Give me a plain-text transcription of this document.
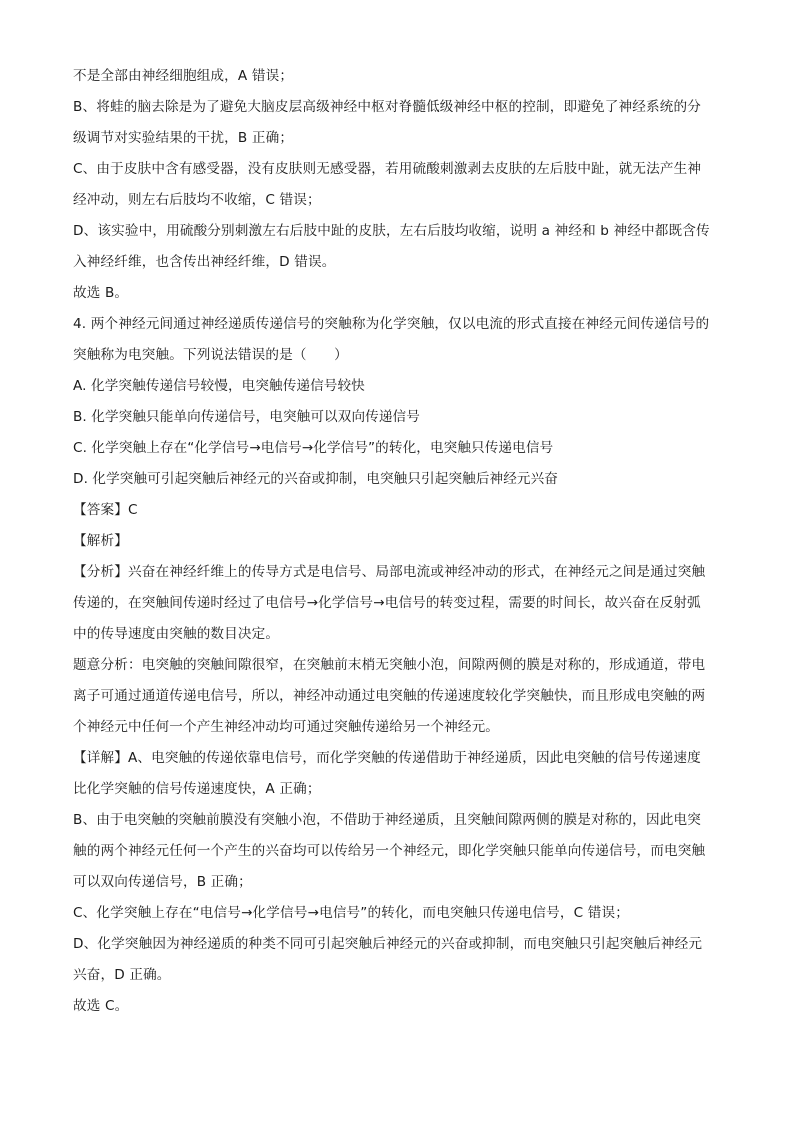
不是全部由神经细胞组成，A 错误；
B、将蛙的脑去除是为了避免大脑皮层高级神经中枢对脊髓低级神经中枢的控制，即避免了神经系统的分
级调节对实验结果的干扰，B 正确；
C、由于皮肤中含有感受器，没有皮肤则无感受器，若用硫酸刺激剥去皮肤的左后肢中趾，就无法产生神
经冲动，则左右后肢均不收缩，C 错误；
D、该实验中，用硫酸分别刺激左右后肢中趾的皮肤，左右后肢均收缩，说明 a 神经和 b 神经中都既含传
入神经纤维，也含传出神经纤维，D 错误。
故选 B。
4. 两个神经元间通过神经递质传递信号的突触称为化学突触，仅以电流的形式直接在神经元间传递信号的
突触称为电突触。下列说法错误的是（　　）
A. 化学突触传递信号较慢，电突触传递信号较快
B. 化学突触只能单向传递信号，电突触可以双向传递信号
C. 化学突触上存在“化学信号→电信号→化学信号”的转化，电突触只传递电信号
D. 化学突触可引起突触后神经元的兴奋或抑制，电突触只引起突触后神经元兴奋
【答案】C
【解析】
【分析】兴奋在神经纤维上的传导方式是电信号、局部电流或神经冲动的形式，在神经元之间是通过突触
传递的，在突触间传递时经过了电信号→化学信号→电信号的转变过程，需要的时间长，故兴奋在反射弧
中的传导速度由突触的数目决定。
题意分析：电突触的突触间隙很窄，在突触前末梢无突触小泡，间隙两侧的膜是对称的，形成通道，带电
离子可通过通道传递电信号，所以，神经冲动通过电突触的传递速度较化学突触快，而且形成电突触的两
个神经元中任何一个产生神经冲动均可通过突触传递给另一个神经元。
【详解】A、电突触的传递依靠电信号，而化学突触的传递借助于神经递质，因此电突触的信号传递速度
比化学突触的信号传递速度快，A 正确；
B、由于电突触的突触前膜没有突触小泡，不借助于神经递质，且突触间隙两侧的膜是对称的，因此电突
触的两个神经元任何一个产生的兴奋均可以传给另一个神经元，即化学突触只能单向传递信号，而电突触
可以双向传递信号，B 正确；
C、化学突触上存在“电信号→化学信号→电信号”的转化，而电突触只传递电信号，C 错误；
D、化学突触因为神经递质的种类不同可引起突触后神经元的兴奋或抑制，而电突触只引起突触后神经元
兴奋，D 正确。
故选 C。
